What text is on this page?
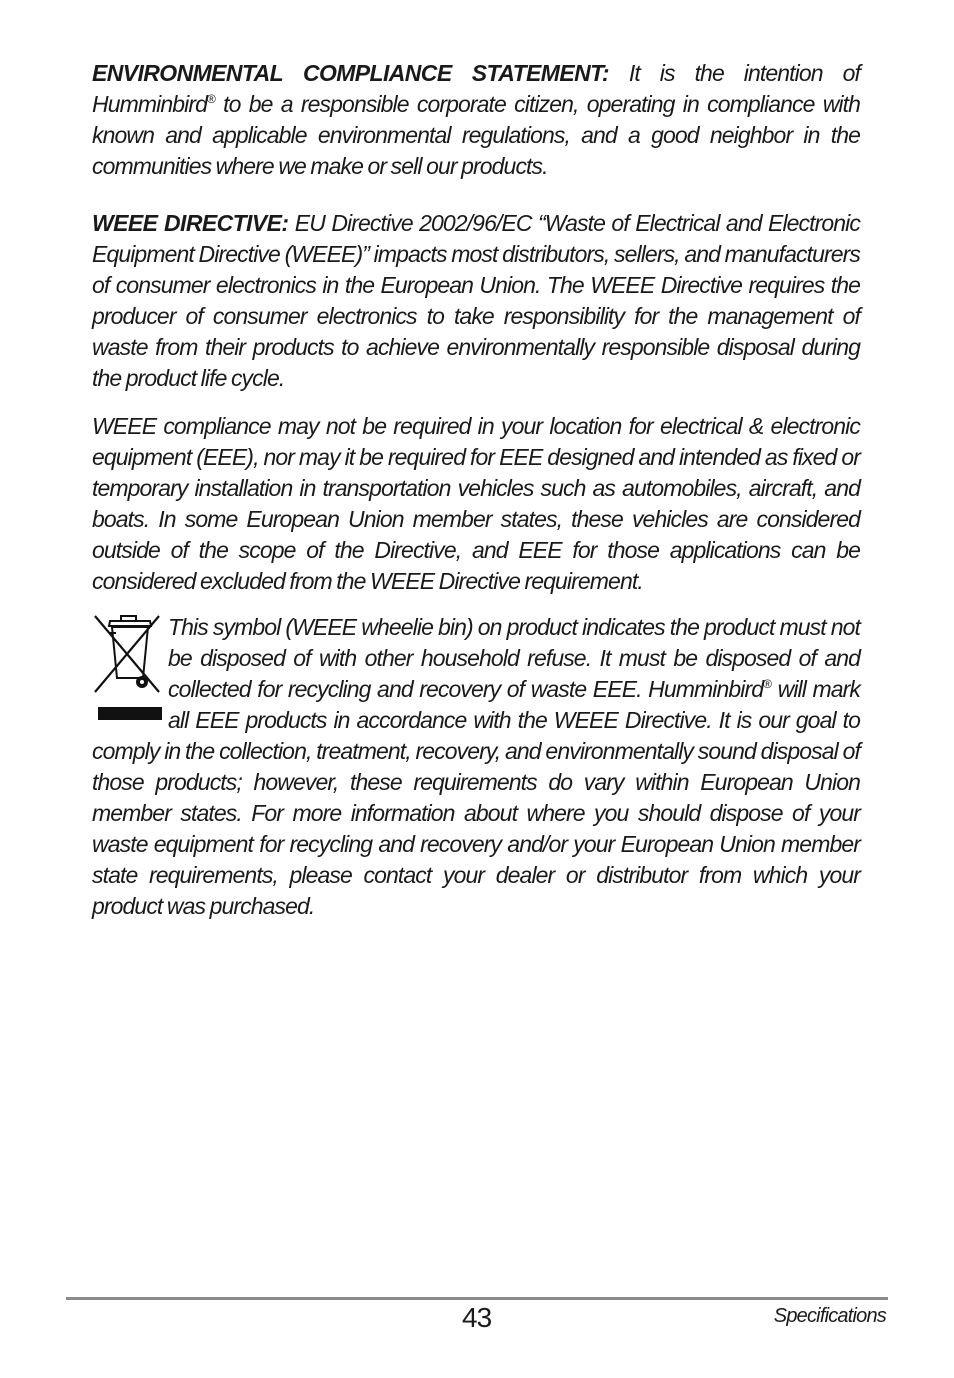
ENVIRONMENTAL COMPLIANCE STATEMENT: It is the intention of Humminbird® to be a responsible corporate citizen, operating in compliance with known and applicable environmental regulations, and a good neighbor in the communities where we make or sell our products.

WEEE DIRECTIVE: EU Directive 2002/96/EC “Waste of Electrical and Electronic Equipment Directive (WEEE)” impacts most distributors, sellers, and manufacturers of consumer electronics in the European Union. The WEEE Directive requires the producer of consumer electronics to take responsibility for the management of waste from their products to achieve environmentally responsible disposal during the product life cycle.

WEEE compliance may not be required in your location for electrical & electronic equipment (EEE), nor may it be required for EEE designed and intended as fixed or temporary installation in transportation vehicles such as automobiles, aircraft, and boats. In some European Union member states, these vehicles are considered outside of the scope of the Directive, and EEE for those applications can be considered excluded from the WEEE Directive requirement.

This symbol (WEEE wheelie bin) on product indicates the product must not be disposed of with other household refuse. It must be disposed of and collected for recycling and recovery of waste EEE. Humminbird® will mark all EEE products in accordance with the WEEE Directive. It is our goal to comply in the collection, treatment, recovery, and environmentally sound disposal of those products; however, these requirements do vary within European Union member states. For more information about where you should dispose of your waste equipment for recycling and recovery and/or your European Union member state requirements, please contact your dealer or distributor from which your product was purchased.

43	Specifications
